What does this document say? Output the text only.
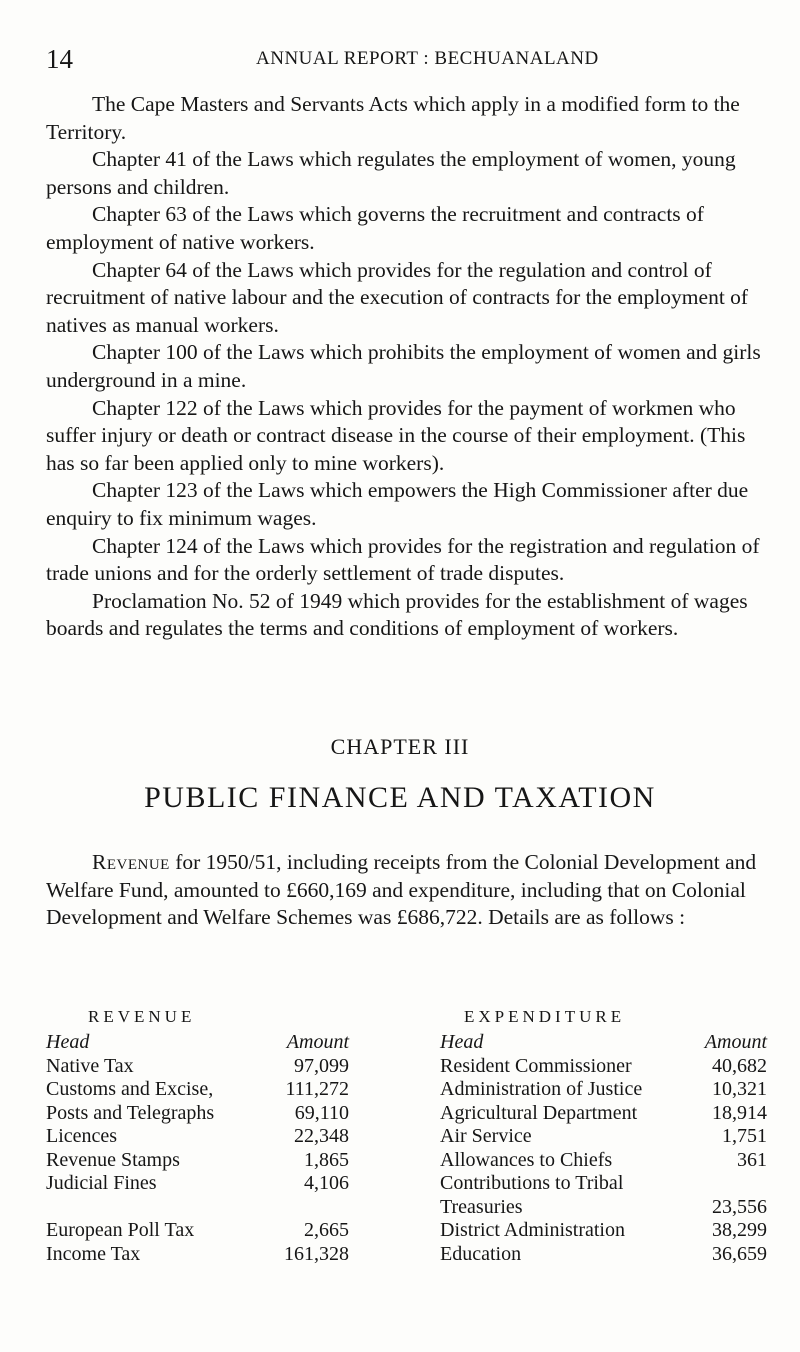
14	ANNUAL REPORT : BECHUANALAND

The Cape Masters and Servants Acts which apply in a modified form to the Territory.

Chapter 41 of the Laws which regulates the employment of women, young persons and children.

Chapter 63 of the Laws which governs the recruitment and contracts of employment of native workers.

Chapter 64 of the Laws which provides for the regulation and control of recruitment of native labour and the execution of contracts for the employment of natives as manual workers.

Chapter 100 of the Laws which prohibits the employment of women and girls underground in a mine.

Chapter 122 of the Laws which provides for the payment of workmen who suffer injury or death or contract disease in the course of their employment. (This has so far been applied only to mine workers).

Chapter 123 of the Laws which empowers the High Commissioner after due enquiry to fix minimum wages.

Chapter 124 of the Laws which provides for the registration and regulation of trade unions and for the orderly settlement of trade disputes.

Proclamation No. 52 of 1949 which provides for the establishment of wages boards and regulates the terms and conditions of employment of workers.

CHAPTER III
PUBLIC FINANCE AND TAXATION
Revenue for 1950/51, including receipts from the Colonial Development and Welfare Fund, amounted to £660,169 and expenditure, including that on Colonial Development and Welfare Schemes was £686,722. Details are as follows :
REVENUE
Head	Amount
Native Tax	97,099
Customs and Excise,	111,272
Posts and Telegraphs	69,110
Licences	22,348
Revenue Stamps	1,865
Judicial Fines	4,106
European Poll Tax	2,665
Income Tax	161,328
EXPENDITURE
Head	Amount
Resident Commissioner	40,682
Administration of Justice	10,321
Agricultural Department	18,914
Air Service	1,751
Allowances to Chiefs	361
Contributions to Tribal
Treasuries	23,556
District Administration	38,299
Education	36,659
